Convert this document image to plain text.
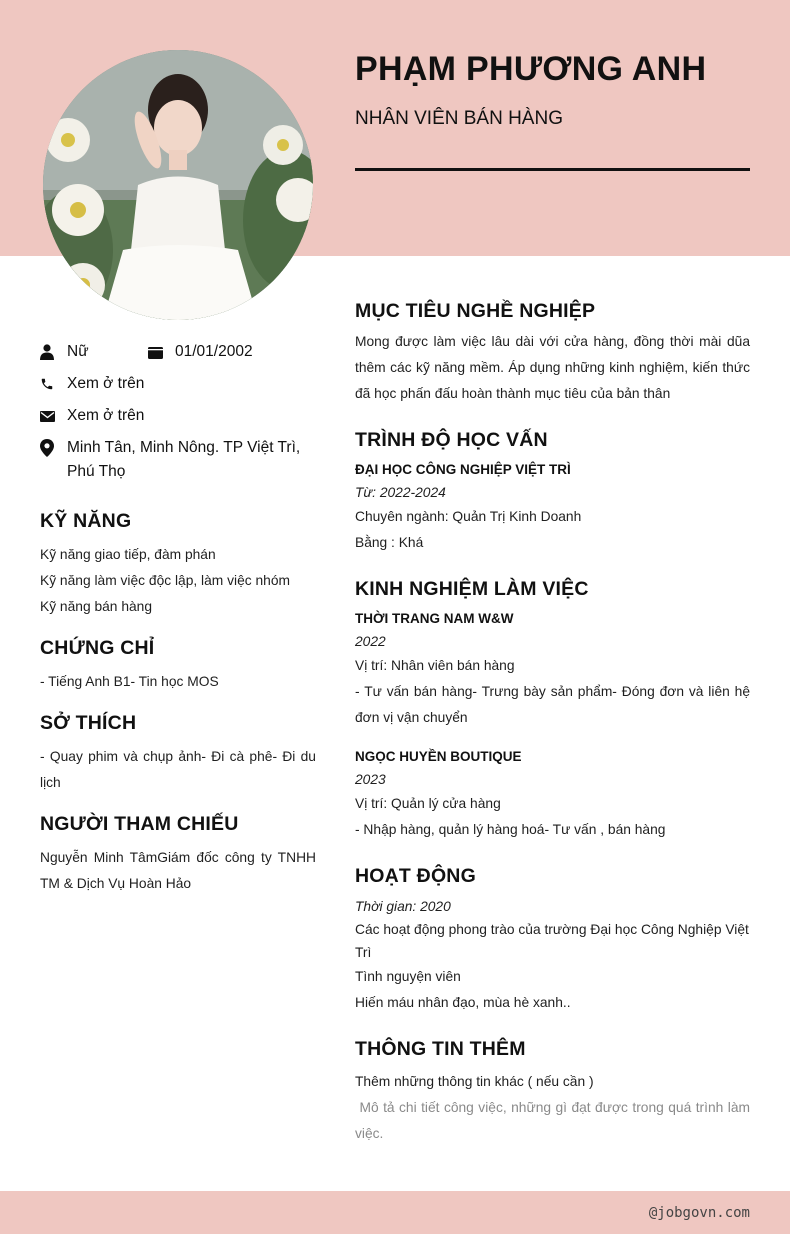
PHẠM PHƯƠNG ANH
NHÂN VIÊN BÁN HÀNG
Nữ	01/01/2002
Xem ở trên
Xem ở trên
Minh Tân, Minh Nông. TP Việt Trì, Phú Thọ
KỸ NĂNG
Kỹ năng giao tiếp, đàm phán
Kỹ năng làm việc độc lập, làm việc nhóm
Kỹ năng bán hàng
CHỨNG CHỈ
- Tiếng Anh B1- Tin học MOS
SỞ THÍCH
- Quay phim và chụp ảnh- Đi cà phê- Đi du lịch
NGƯỜI THAM CHIẾU
Nguyễn Minh TâmGiám đốc công ty TNHH TM & Dịch Vụ Hoàn Hảo
MỤC TIÊU NGHỀ NGHIỆP
Mong được làm việc lâu dài với cửa hàng, đồng thời mài dũa thêm các kỹ năng mềm. Áp dụng những kinh nghiệm, kiến thức đã học phấn đấu hoàn thành mục tiêu của bản thân
TRÌNH ĐỘ HỌC VẤN
ĐẠI HỌC CÔNG NGHIỆP VIỆT TRÌ
Từ: 2022-2024
Chuyên ngành: Quản Trị Kinh Doanh
Bằng : Khá
KINH NGHIỆM LÀM VIỆC
THỜI TRANG NAM W&W
2022
Vị trí: Nhân viên bán hàng
- Tư vấn bán hàng- Trưng bày sản phẩm- Đóng đơn và liên hệ đơn vị vận chuyển
NGỌC HUYỀN BOUTIQUE
2023
Vị trí: Quản lý cửa hàng
- Nhập hàng, quản lý hàng hoá- Tư vấn , bán hàng
HOẠT ĐỘNG
Thời gian: 2020
Các hoạt động phong trào của trường Đại học Công Nghiệp Việt Trì
Tình nguyện viên
Hiến máu nhân đạo, mùa hè xanh..
THÔNG TIN THÊM
Thêm những thông tin khác ( nếu cần )
Mô tả chi tiết công việc, những gì đạt được trong quá trình làm việc.
@jobgovn.com
